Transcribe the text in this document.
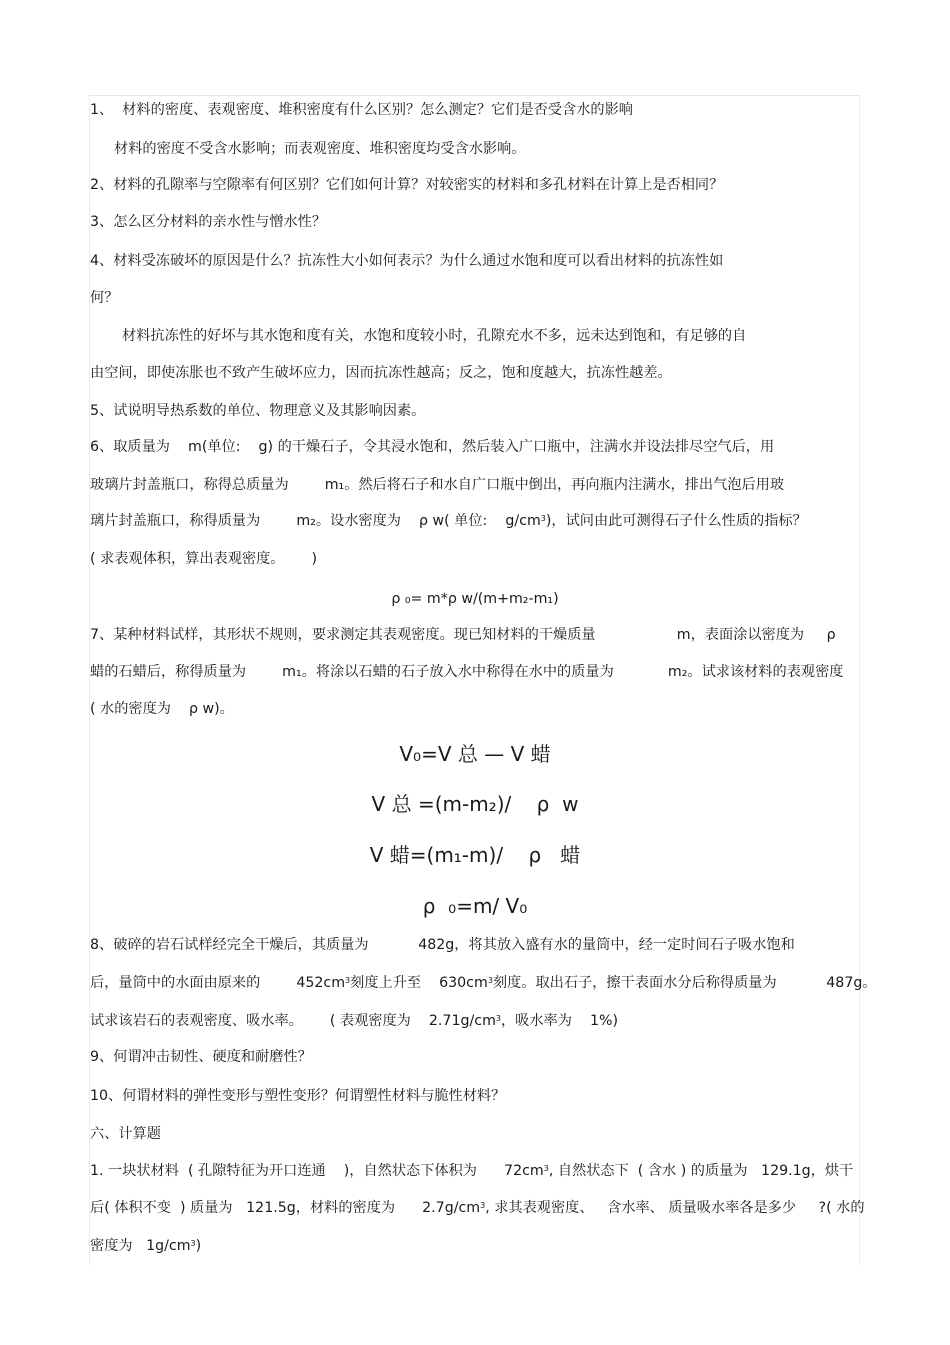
1、  材料的密度、表观密度、堆积密度有什么区别？怎么测定？它们是否受含水的影响
材料的密度不受含水影响；而表观密度、堆积密度均受含水影响。
2、材料的孔隙率与空隙率有何区别？它们如何计算？对较密实的材料和多孔材料在计算上是否相同？
3、怎么区分材料的亲水性与憎水性？
4、材料受冻破坏的原因是什么？抗冻性大小如何表示？为什么通过水饱和度可以看出材料的抗冻性如
何？
材料抗冻性的好坏与其水饱和度有关，水饱和度较小时，孔隙充水不多，远未达到饱和，有足够的自
由空间，即使冻胀也不致产生破坏应力，因而抗冻性越高；反之，饱和度越大，抗冻性越差。
5、试说明导热系数的单位、物理意义及其影响因素。
6、取质量为    m(单位:    g) 的干燥石子，令其浸水饱和，然后装入广口瓶中，注满水并设法排尽空气后，用
玻璃片封盖瓶口，称得总质量为        m₁。然后将石子和水自广口瓶中倒出，再向瓶内注满水，排出气泡后用玻
璃片封盖瓶口，称得质量为        m₂。设水密度为    ρ w( 单位:    $g/cm^3$)，试问由此可测得石子什么性质的指标？
( 求表观体积，算出表观密度。      )
ρ ₀= m*ρ w/(m+m₂-m₁)
7、某种材料试样，其形状不规则，要求测定其表观密度。现已知材料的干燥质量                  m，表面涂以密度为     ρ
蜡的石蜡后，称得质量为        m₁。将涂以石蜡的石子放入水中称得在水中的质量为            m₂。试求该材料的表观密度
( 水的密度为    ρ w)。
V₀=V 总 — V 蜡
V 总 =(m-m₂)/    ρ  w
V 蜡=(m₁-m)/    ρ   蜡
ρ  ₀=m/ V₀
8、破碎的岩石试样经完全干燥后，其质量为           482g，将其放入盛有水的量筒中，经一定时间石子吸水饱和
后，量筒中的水面由原来的        $452cm^3$刻度上升至    $630cm^3$刻度。取出石子，擦干表面水分后称得质量为           487g。
试求该岩石的表观密度、吸水率。      ( 表观密度为    $2.71g/cm^3$，吸水率为    1%)
9、何谓冲击韧性、硬度和耐磨性？
10、何谓材料的弹性变形与塑性变形？何谓塑性材料与脆性材料？
六、计算题
1. 一块状材料  ( 孔隙特征为开口连通    )，自然状态下体积为      $72cm^3$, 自然状态下  ( 含水 ) 的质量为   129.1g，烘干
后( 体积不变  ) 质量为   121.5g，材料的密度为      $2.7g/cm^3$, 求其表观密度、   含水率、 质量吸水率各是多少     ?( 水的
密度为   $1g/cm^3$)
